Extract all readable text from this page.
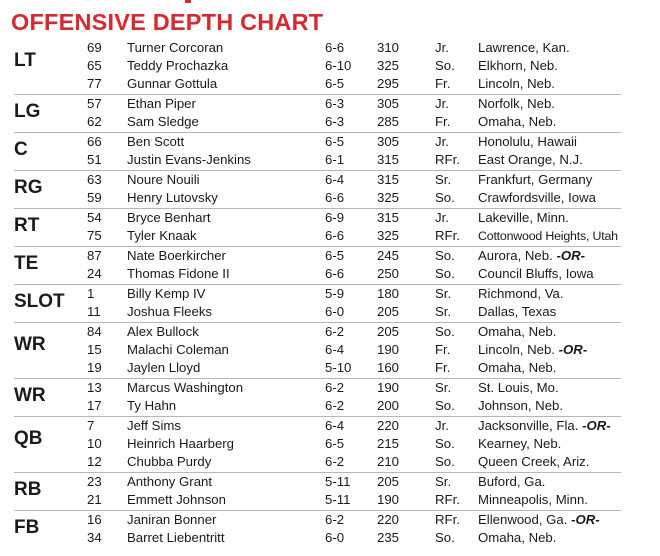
OFFENSIVE DEPTH CHART
LT
69 Turner Corcoran	6-6 310	Jr. Lawrence, Kan.
65 Teddy Prochazka	6-10 325	So. Elkhorn, Neb.
77 Gunnar Gottula	6-5 295	Fr. Lincoln, Neb.
LG	57 Ethan Piper	6-3 305	Jr. Norfolk, Neb.
62 Sam Sledge	6-3 285	Fr. Omaha, Neb.
C	66 Ben Scott	6-5 305	Jr. Honolulu, Hawaii
51 Justin Evans-Jenkins	6-1 315	RFr. East Orange, N.J.
RG	63 Noure Nouili	6-4 315	Sr. Frankfurt, Germany
59 Henry Lutovsky	6-6 325	So. Crawfordsville, Iowa
RT	54 Bryce Benhart	6-9 315	Jr. Lakeville, Minn.
75 Tyler Knaak	6-6 325	RFr. Cottonwood Heights, Utah
TE	87 Nate Boerkircher	6-5 245	So. Aurora, Neb. -OR-
24 Thomas Fidone II	6-6 250	So. Council Bluffs, Iowa
SLOT 1 Billy Kemp IV	5-9 180	Sr. Richmond, Va.
11 Joshua Fleeks	6-0 205	Sr. Dallas, Texas
WR
84 Alex Bullock	6-2 205	So. Omaha, Neb.
15 Malachi Coleman	6-4 190	Fr. Lincoln, Neb. -OR-
19 Jaylen Lloyd	5-10 160	Fr. Omaha, Neb.
WR	13 Marcus Washington	6-2 190	Sr. St. Louis, Mo.
17 Ty Hahn	6-2 200	So. Johnson, Neb.
QB
7 Jeff Sims	6-4 220	Jr. Jacksonville, Fla. -OR-
10 Heinrich Haarberg	6-5 215	So. Kearney, Neb.
12 Chubba Purdy	6-2 210	So. Queen Creek, Ariz.
RB	23 Anthony Grant	5-11 205	Sr. Buford, Ga.
21 Emmett Johnson	5-11 190	RFr. Minneapolis, Minn.
FB	16 Janiran Bonner	6-2 220	RFr. Ellenwood, Ga. -OR-
34 Barret Liebentritt	6-0 235	So. Omaha, Neb.
